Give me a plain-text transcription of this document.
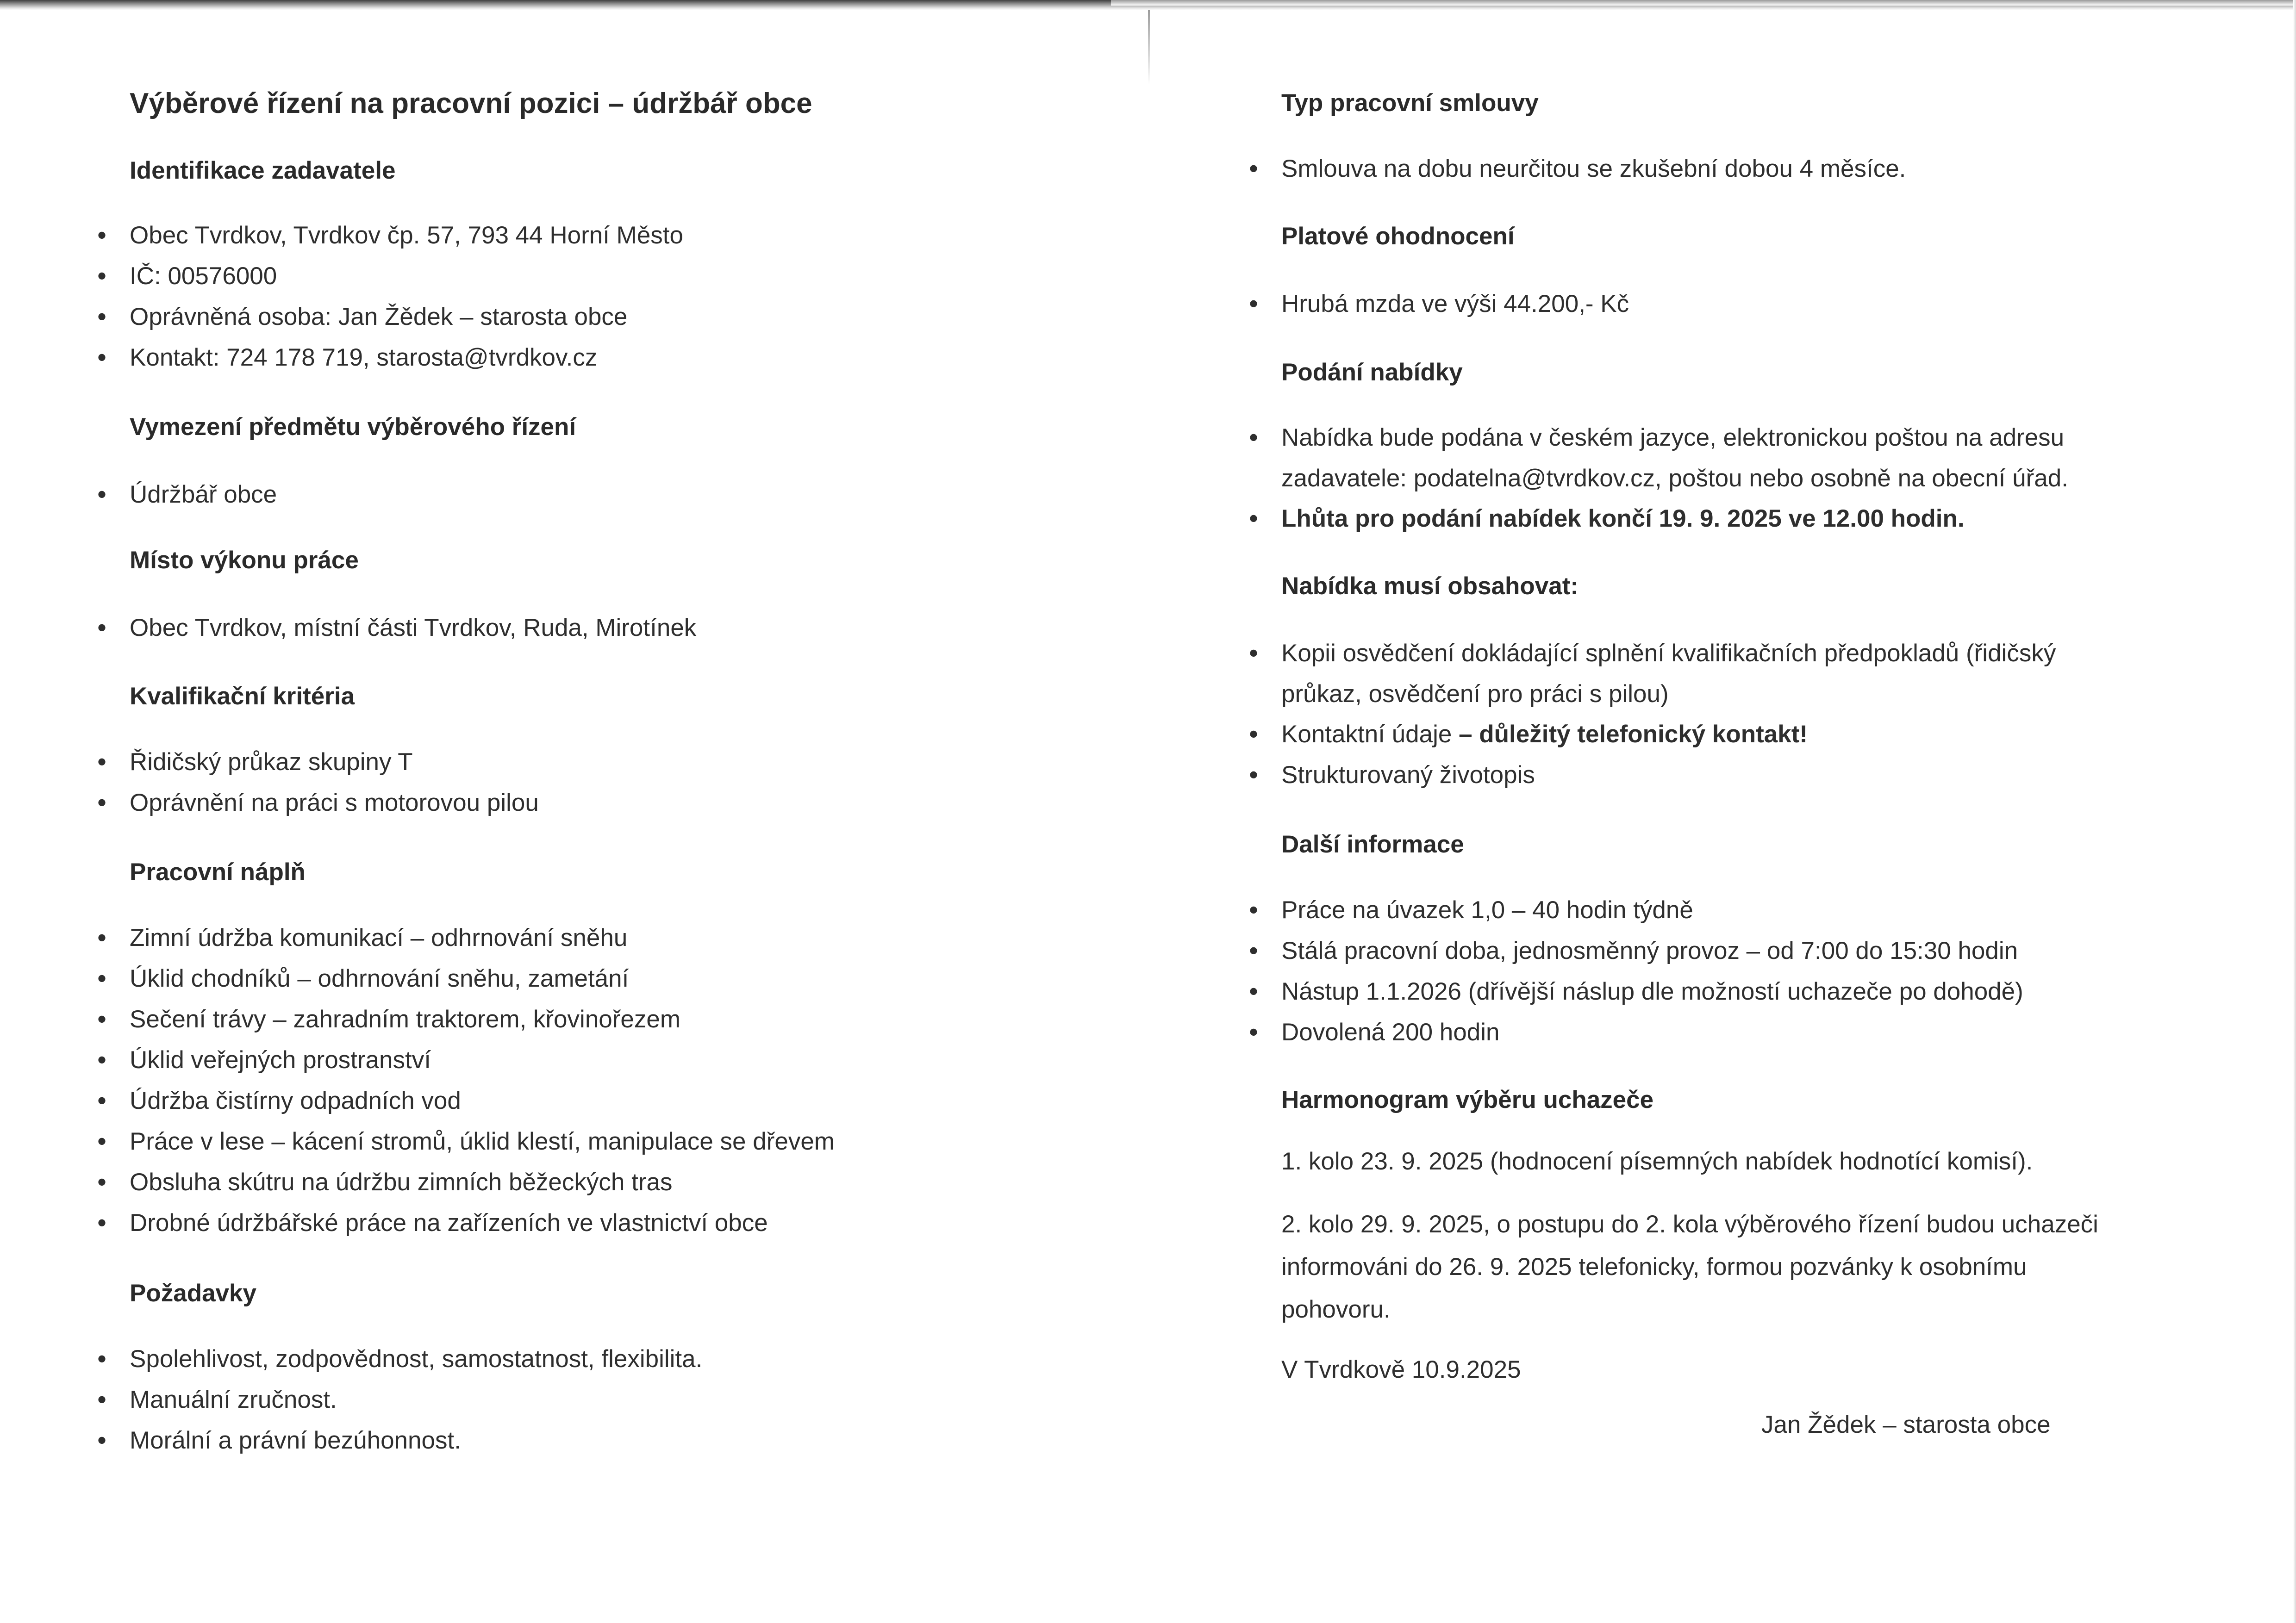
Výběrové řízení na pracovní pozici – údržbář obce
Identifikace zadavatele
• Obec Tvrdkov, Tvrdkov čp. 57, 793 44 Horní Město
• IČ: 00576000
• Oprávněná osoba: Jan Žědek – starosta obce
• Kontakt: 724 178 719, starosta@tvrdkov.cz
Vymezení předmětu výběrového řízení
• Údržbář obce
Místo výkonu práce
• Obec Tvrdkov, místní části Tvrdkov, Ruda, Mirotínek
Kvalifikační kritéria
• Řidičský průkaz skupiny T
• Oprávnění na práci s motorovou pilou
Pracovní náplň
• Zimní údržba komunikací – odhrnování sněhu
• Úklid chodníků – odhrnování sněhu, zametání
• Sečení trávy – zahradním traktorem, křovinořezem
• Úklid veřejných prostranství
• Údržba čistírny odpadních vod
• Práce v lese – kácení stromů, úklid klestí, manipulace se dřevem
• Obsluha skútru na údržbu zimních běžeckých tras
• Drobné údržbářské práce na zařízeních ve vlastnictví obce
Požadavky
• Spolehlivost, zodpovědnost, samostatnost, flexibilita.
• Manuální zručnost.
• Morální a právní bezúhonnost.
Typ pracovní smlouvy
• Smlouva na dobu neurčitou se zkušební dobou 4 měsíce.
Platové ohodnocení
• Hrubá mzda ve výši 44.200,- Kč
Podání nabídky
• Nabídka bude podána v českém jazyce, elektronickou poštou na adresu
zadavatele: podatelna@tvrdkov.cz, poštou nebo osobně na obecní úřad.
• Lhůta pro podání nabídek končí 19. 9. 2025 ve 12.00 hodin.
Nabídka musí obsahovat:
• Kopii osvědčení dokládající splnění kvalifikačních předpokladů (řidičský
průkaz, osvědčení pro práci s pilou)
• Kontaktní údaje – důležitý telefonický kontakt!
• Strukturovaný životopis
Další informace
• Práce na úvazek 1,0 – 40 hodin týdně
• Stálá pracovní doba, jednosměnný provoz – od 7:00 do 15:30 hodin
• Nástup 1.1.2026 (dřívější náslup dle možností uchazeče po dohodě)
• Dovolená 200 hodin
Harmonogram výběru uchazeče
1. kolo 23. 9. 2025 (hodnocení písemných nabídek hodnotící komisí).
2. kolo 29. 9. 2025, o postupu do 2. kola výběrového řízení budou uchazeči
informováni do 26. 9. 2025 telefonicky, formou pozvánky k osobnímu
pohovoru.
V Tvrdkově 10.9.2025
Jan Žědek – starosta obce
